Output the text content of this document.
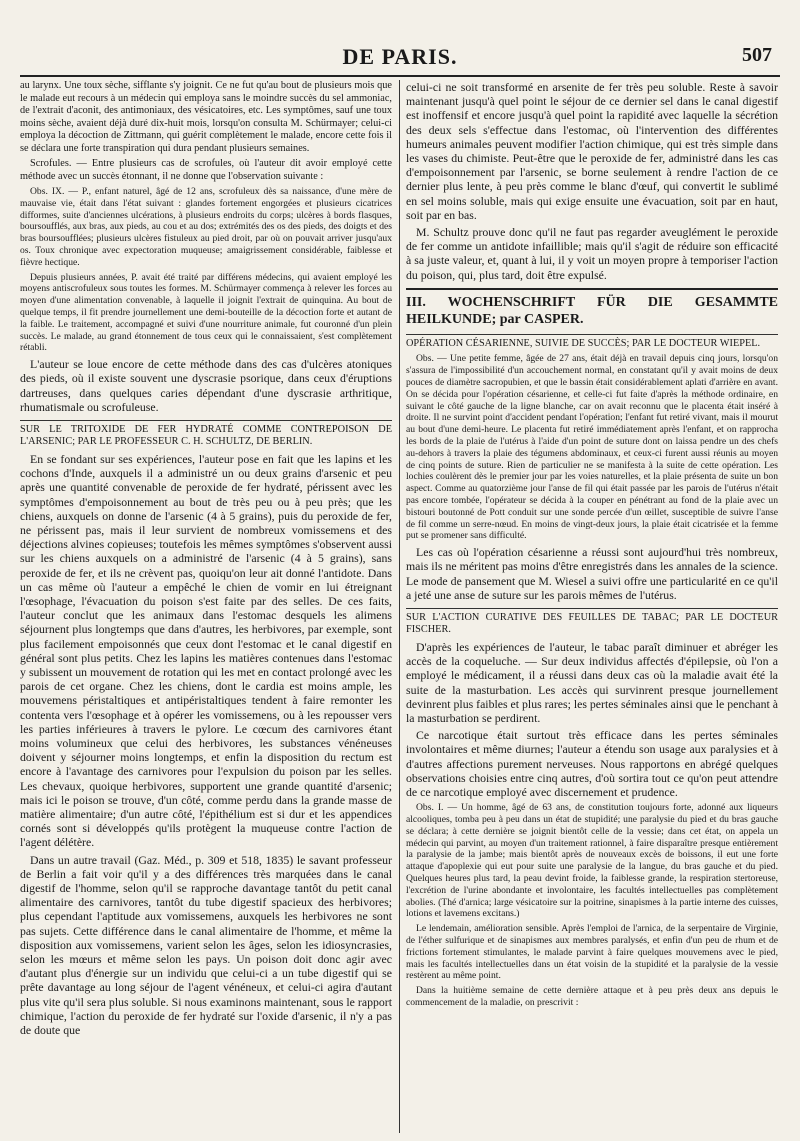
DE PARIS.	507

au larynx. Une toux sèche, sifflante s'y joignit. Ce ne fut qu'au bout de plusieurs mois que le malade eut recours à un médecin qui employa sans le moindre succès du sel ammoniac, de l'extrait d'aconit, des antimoniaux, des vésicatoires, etc. Les symptômes, sauf une toux moins sèche, avaient déjà duré dix-huit mois, lorsqu'on consulta M. Schürmayer; celui-ci employa la décoction de Zittmann, qui guérit complètement le malade, encore cette fois il se déclara une forte transpiration qui dura pendant plusieurs semaines.

Scrofules. — Entre plusieurs cas de scrofules, où l'auteur dit avoir employé cette méthode avec un succès étonnant, il ne donne que l'observation suivante :

Obs. IX. — P., enfant naturel, âgé de 12 ans, scrofuleux dès sa naissance, d'une mère de mauvaise vie, était dans l'état suivant : glandes fortement engorgées et plusieurs cicatrices difformes, suite d'anciennes ulcérations, à plusieurs endroits du corps; ulcères à bords flasques, boursoufflés, aux bras, aux pieds, au cou et au dos; extrémités des os des pieds, des doigts et des bras boursoufflées; plusieurs ulcères fistuleux au pied droit, par où on pouvait arriver jusqu'aux os. Toux chronique avec expectoration muqueuse; amaigrissement considérable, faiblesse et fièvre hectique.

Depuis plusieurs années, P. avait été traité par différens médecins, qui avaient employé les moyens antiscrofuleux sous toutes les formes. M. Schürmayer commença à relever les forces au moyen d'une alimentation convenable, à laquelle il joignit l'extrait de quinquina. Au bout de quelque temps, il fit prendre journellement une demi-bouteille de la décoction forte et autant de la faible. Le traitement, accompagné et suivi d'une nourriture animale, fut couronné d'un plein succès. Le malade, au grand étonnement de tous ceux qui le connaissaient, s'est complètement rétabli.

L'auteur se loue encore de cette méthode dans des cas d'ulcères atoniques des pieds, où il existe souvent une dyscrasie psorique, dans ceux d'éruptions dartreuses, dans quelques caries dépendant d'une dyscrasie arthritique, rhumatismale ou scrofuleuse.

SUR LE TRITOXIDE DE FER HYDRATÉ COMME CONTREPOISON DE L'ARSENIC; PAR LE PROFESSEUR C. H. SCHULTZ, DE BERLIN.

En se fondant sur ses expériences, l'auteur pose en fait que les lapins et les cochons d'Inde, auxquels il a administré un ou deux grains d'arsenic et peu après une quantité convenable de peroxide de fer hydraté, périssent avec les symptômes d'empoisonnement au bout de très peu ou à peu près; que les chiens, auxquels on donne de l'arsenic (4 à 5 grains), puis du peroxide de fer, ne périssent pas, mais il leur survient de nombreux vomissemens et des déjections alvines copieuses; toutefois les mêmes symptômes s'observent aussi sur les chiens auxquels on a administré de l'arsenic (4 à 5 grains), sans peroxide de fer, et ils ne crèvent pas, quoiqu'on leur ait donné l'antidote. Dans un cas même où l'auteur a empêché le chien de vomir en lui étreignant l'œsophage, l'évacuation du poison s'est faite par des selles. De ces faits, l'auteur conclut que les animaux dans l'estomac desquels les alimens séjournent plus longtemps que dans d'autres, les herbivores, par exemple, sont plus facilement empoisonnés que ceux dont l'estomac et le canal digestif en général sont plus petits. Chez les lapins les matières contenues dans l'estomac y subissent un mouvement de rotation qui les met en contact prolongé avec les parois de cet organe. Chez les chiens, dont le cardia est moins ample, les mouvemens péristaltiques et antipéristaltiques tendent à faire remonter les contenta vers l'œsophage et à opérer les vomissemens, ou à les repousser vers les parties inférieures à travers le pylore. Le cœcum des carnivores étant moins volumineux que celui des herbivores, les substances vénéneuses doivent y séjourner moins longtemps, et enfin la disposition du rectum est encore à l'avantage des carnivores pour l'expulsion du poison par les selles. Les chevaux, quoique herbivores, supportent une grande quantité d'arsenic; mais ici le poison se trouve, d'un côté, comme perdu dans la grande masse de matière alimentaire; d'un autre côté, l'épithélium est si dur et les appendices cornés sont si développés qu'ils protègent la muqueuse contre l'action de l'agent délétère.

Dans un autre travail (Gaz. Méd., p. 309 et 518, 1835) le savant professeur de Berlin a fait voir qu'il y a des différences très marquées dans le canal digestif de l'homme, selon qu'il se rapproche davantage tantôt du petit canal alimentaire des carnivores, tantôt du tube digestif spacieux des herbivores; plus cependant l'aptitude aux vomissemens, auxquels les herbivores ne sont pas sujets. Cette différence dans le canal alimentaire de l'homme, et même la disposition aux vomissemens, varient selon les âges, selon les idiosyncrasies, selon les mœurs et même selon les pays. Un poison doit donc agir avec d'autant plus d'énergie sur un individu que celui-ci a un tube digestif qui se prête davantage au long séjour de l'agent vénéneux, et celui-ci agira d'autant plus vite qu'il sera plus soluble. Si nous examinons maintenant, sous le rapport chimique, l'action du peroxide de fer hydraté sur l'oxide d'arsenic, il n'y a pas de doute que

celui-ci ne soit transformé en arsenite de fer très peu soluble. Reste à savoir maintenant jusqu'à quel point le séjour de ce dernier sel dans le canal digestif est inoffensif et encore jusqu'à quel point la rapidité avec laquelle la sécrétion des deux sels s'effectue dans l'estomac, où l'intervention des différentes humeurs animales peuvent modifier l'action chimique, qui est très simple dans les vases du chimiste. Peut-être que le peroxide de fer, administré dans les cas d'empoisonnement par l'arsenic, se borne seulement à rendre l'action de ce dernier plus lente, à peu près comme le blanc d'œuf, qui convertit le sublimé en sel moins soluble, mais qui exige ensuite une évacuation, soit par en haut, soit par en bas.

M. Schultz prouve donc qu'il ne faut pas regarder aveuglément le peroxide de fer comme un antidote infaillible; mais qu'il s'agit de réduire son efficacité à sa juste valeur, et, quant à lui, il y voit un moyen propre à temporiser l'action du poison, qui, plus tard, doit être expulsé.

III. WOCHENSCHRIFT FÜR DIE GESAMMTE HEILKUNDE; par CASPER.

OPÉRATION CÉSARIENNE, SUIVIE DE SUCCÈS; PAR LE DOCTEUR WIEPEL.

Obs. — Une petite femme, âgée de 27 ans, était déjà en travail depuis cinq jours, lorsqu'on s'assura de l'impossibilité d'un accouchement normal, en constatant qu'il y avait moins de deux pouces de diamètre sacropubien, et que le bassin était considérablement aplati d'arrière en avant. On se décida pour l'opération césarienne, et celle-ci fut faite d'après la méthode ordinaire, en suivant le côté gauche de la ligne blanche, car on avait reconnu que le placenta était inséré à droite. Il ne survint point d'accident pendant l'opération; l'enfant fut retiré vivant, mais il mourut au bout d'une demi-heure. Le placenta fut retiré immédiatement après l'enfant, et on rapprocha les bords de la plaie de l'utérus à l'aide d'un point de suture dont on laissa pendre un des chefs au-dehors à travers la plaie des tégumens abdominaux, et ceux-ci furent aussi réunis au moyen de cinq points de suture. Rien de particulier ne se manifesta à la suite de cette opération. Les lochies coulèrent dès le premier jour par les voies naturelles, et la plaie présenta de suite un bon aspect. Comme au quatorzième jour l'anse de fil qui était passée par les parois de l'utérus n'était pas encore tombée, l'opérateur se décida à la couper en pénétrant au fond de la plaie avec un bistouri boutonné de Pott conduit sur une sonde percée d'un œillet, susceptible de suivre l'anse de fil comme un serre-nœud. En moins de vingt-deux jours, la plaie était cicatrisée et la femme put se promener sans difficulté.

Les cas où l'opération césarienne a réussi sont aujourd'hui très nombreux, mais ils ne méritent pas moins d'être enregistrés dans les annales de la science. Le mode de pansement que M. Wiesel a suivi offre une particularité en ce qu'il a jeté une anse de suture sur les parois mêmes de l'utérus.

SUR L'ACTION CURATIVE DES FEUILLES DE TABAC; PAR LE DOCTEUR FISCHER.

D'après les expériences de l'auteur, le tabac paraît diminuer et abréger les accès de la coqueluche. — Sur deux individus affectés d'épilepsie, où l'on a employé le médicament, il a réussi dans deux cas où la maladie avait été la suite de la masturbation. Les accès qui survinrent presque journellement devinrent plus faibles et plus rares; les pertes séminales ainsi que le penchant à la masturbation se perdirent.

Ce narcotique était surtout très efficace dans les pertes séminales involontaires et même diurnes; l'auteur a étendu son usage aux paralysies et à d'autres affections purement nerveuses. Nous rapportons en abrégé quelques observations choisies entre cinq autres, d'où sortira tout ce qu'on peut attendre de ce narcotique employé avec discernement et prudence.

Obs. I. — Un homme, âgé de 63 ans, de constitution toujours forte, adonné aux liqueurs alcooliques, tomba peu à peu dans un état de stupidité; une paralysie du pied et du bras gauche se déclara; à cette dernière se joignit bientôt celle de la vessie; dans cet état, on appela un médecin qui parvint, au moyen d'un traitement rationnel, à faire disparaître presque entièrement la paralysie de la jambe; mais bientôt après de nouveaux excès de boissons, il eut une forte attaque d'apoplexie qui eut pour suite une paralysie de la langue, du bras gauche et du pied. Quelques heures plus tard, la peau devint froide, la faiblesse grande, la respiration stertoreuse, l'excrétion de l'urine abondante et involontaire, les facultés intellectuelles pas complètement abolies. (Thé d'arnica; large vésicatoire sur la poitrine, sinapismes à la partie interne des cuisses, lotions et lavemens excitans.)

Le lendemain, amélioration sensible. Après l'emploi de l'arnica, de la serpentaire de Virginie, de l'éther sulfurique et de sinapismes aux membres paralysés, et enfin d'un peu de rhum et de frictions fortement stimulantes, le malade parvint à faire quelques mouvemens avec le pied, mais les facultés intellectuelles dans un état voisin de la stupidité et la paralysie de la vessie restèrent au même point.

Dans la huitième semaine de cette dernière attaque et à peu près deux ans depuis le commencement de la maladie, on prescrivit :
